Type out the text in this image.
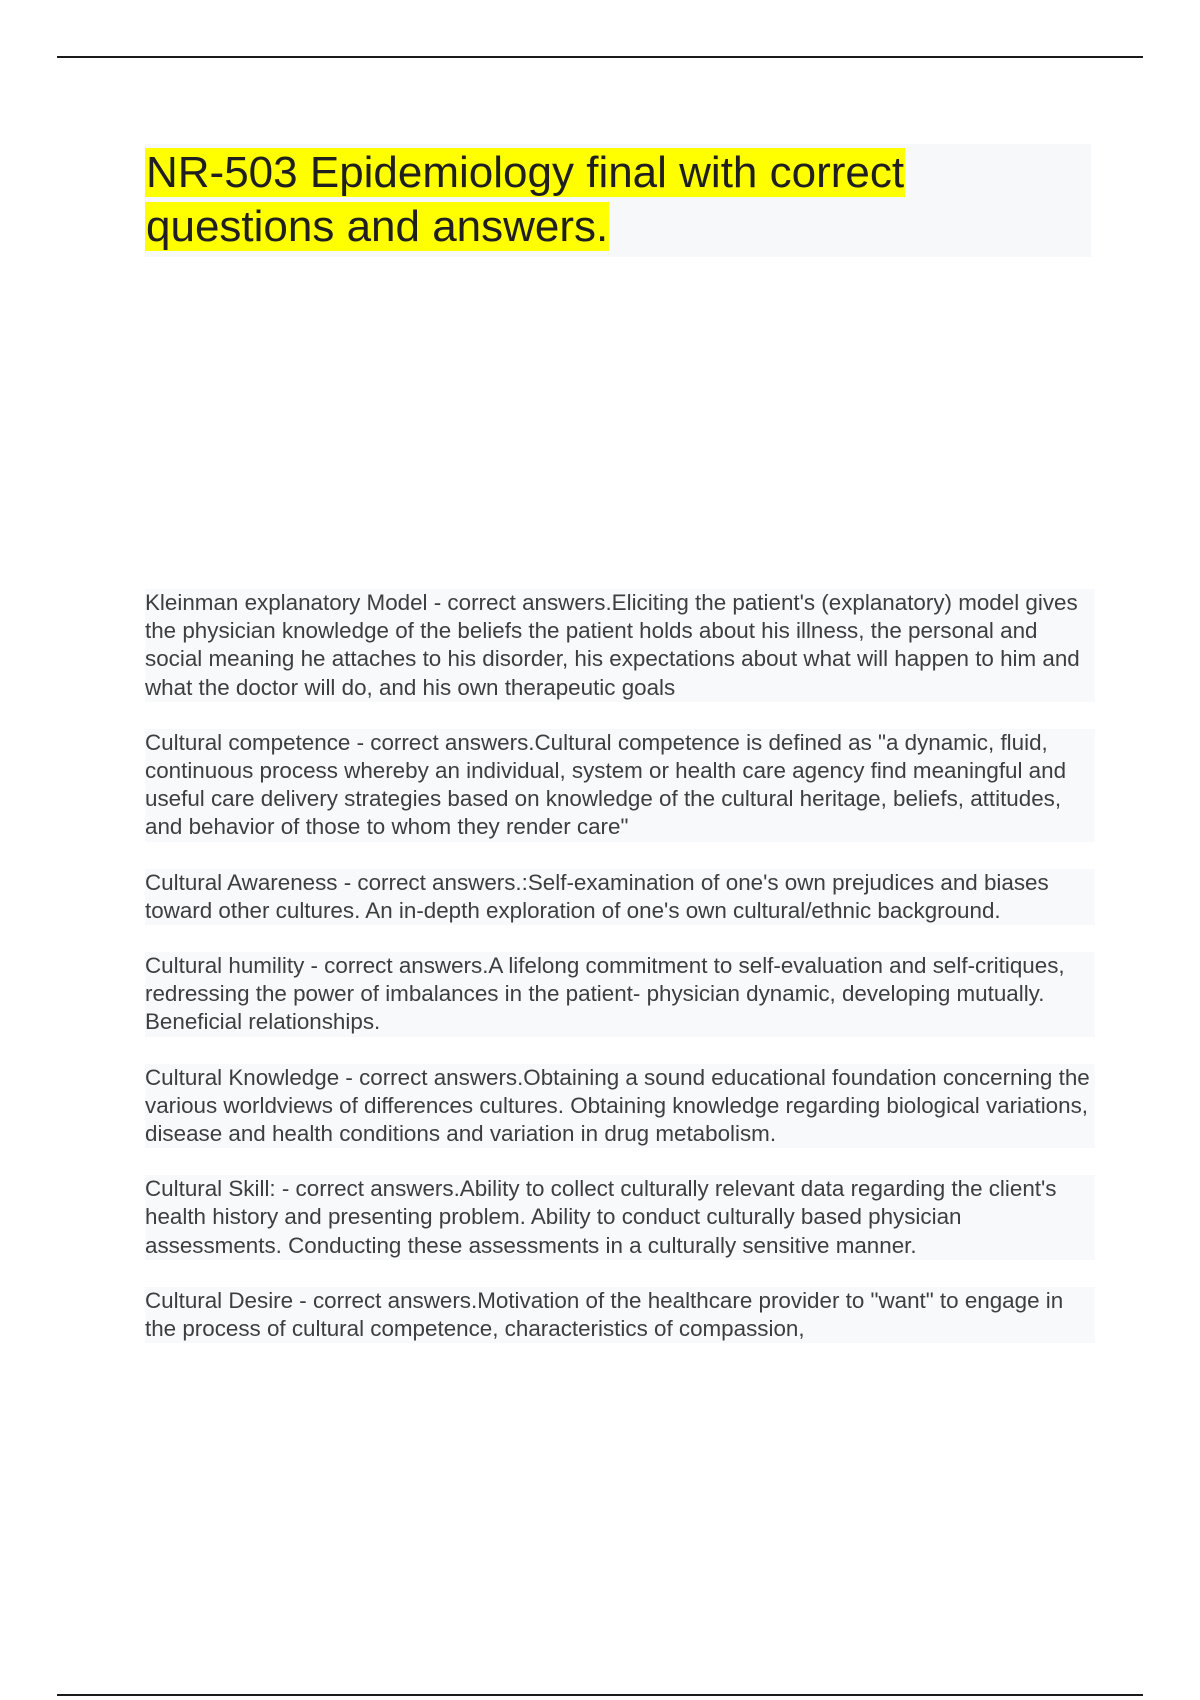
NR-503 Epidemiology final with correct questions and answers.

Kleinman explanatory Model - correct answers.Eliciting the patient's (explanatory) model gives the physician knowledge of the beliefs the patient holds about his illness, the personal and social meaning he attaches to his disorder, his expectations about what will happen to him and what the doctor will do, and his own therapeutic goals

Cultural competence - correct answers.Cultural competence is defined as "a dynamic, fluid, continuous process whereby an individual, system or health care agency find meaningful and useful care delivery strategies based on knowledge of the cultural heritage, beliefs, attitudes, and behavior of those to whom they render care"

Cultural Awareness - correct answers.:Self-examination of one's own prejudices and biases toward other cultures. An in-depth exploration of one's own cultural/ethnic background.

Cultural humility - correct answers.A lifelong commitment to self-evaluation and self-critiques, redressing the power of imbalances in the patient- physician dynamic, developing mutually. Beneficial relationships.

Cultural Knowledge - correct answers.Obtaining a sound educational foundation concerning the various worldviews of differences cultures. Obtaining knowledge regarding biological variations, disease and health conditions and variation in drug metabolism.

Cultural Skill: - correct answers.Ability to collect culturally relevant data regarding the client's health history and presenting problem. Ability to conduct culturally based physician assessments. Conducting these assessments in a culturally sensitive manner.

Cultural Desire - correct answers.Motivation of the healthcare provider to "want" to engage in the process of cultural competence, characteristics of compassion,
